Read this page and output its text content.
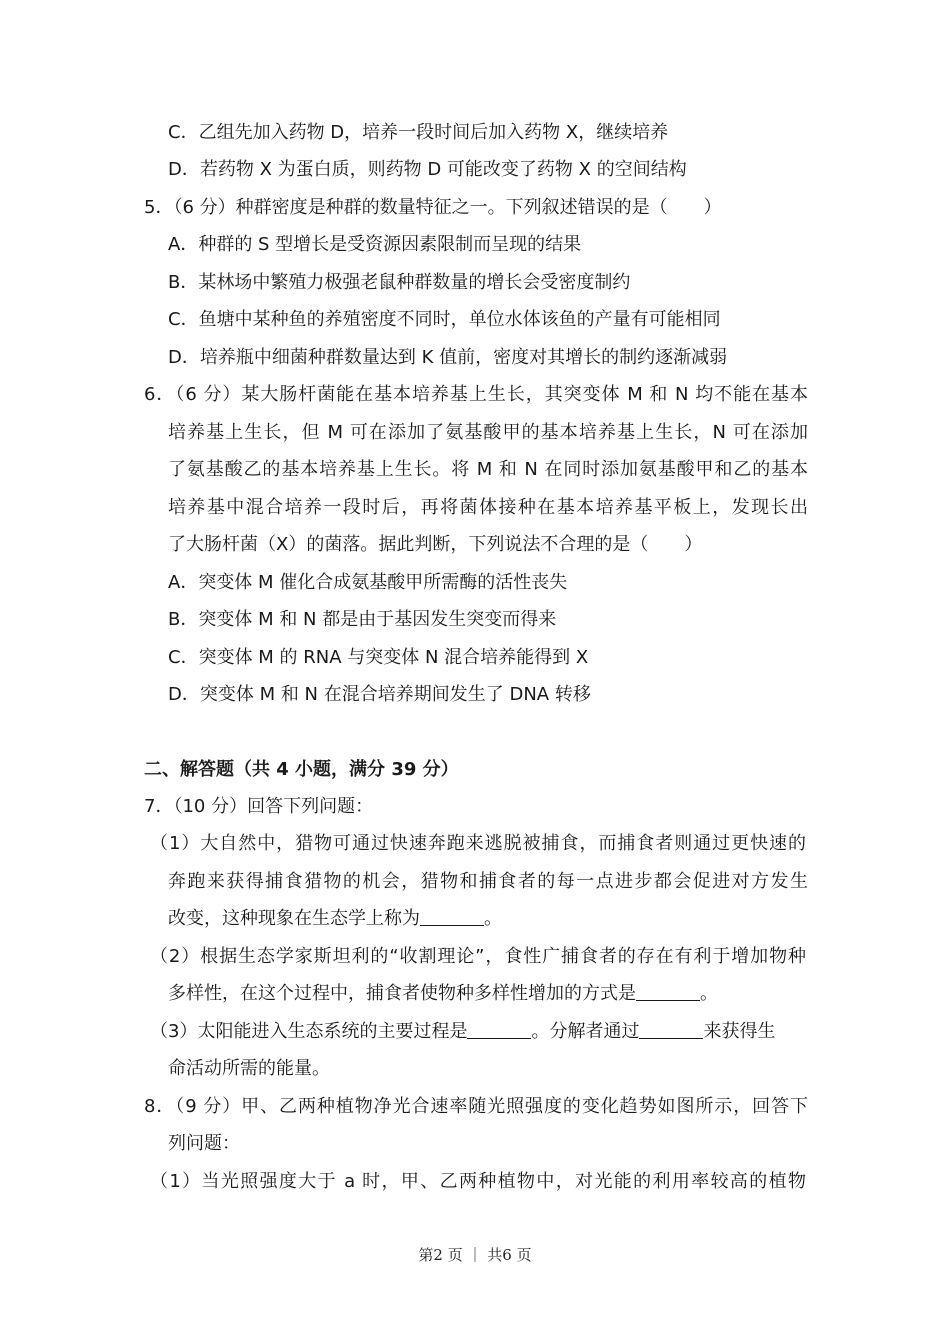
C．乙组先加入药物 D，培养一段时间后加入药物 X，继续培养
D．若药物 X 为蛋白质，则药物 D 可能改变了药物 X 的空间结构
5．（6 分）种群密度是种群的数量特征之一。下列叙述错误的是（　　）
A．种群的 S 型增长是受资源因素限制而呈现的结果
B．某林场中繁殖力极强老鼠种群数量的增长会受密度制约
C．鱼塘中某种鱼的养殖密度不同时，单位水体该鱼的产量有可能相同
D．培养瓶中细菌种群数量达到 K 值前，密度对其增长的制约逐渐减弱
6．（6 分）某大肠杆菌能在基本培养基上生长，其突变体 M 和 N 均不能在基本
培养基上生长，但 M 可在添加了氨基酸甲的基本培养基上生长，N 可在添加
了氨基酸乙的基本培养基上生长。将 M 和 N 在同时添加氨基酸甲和乙的基本
培养基中混合培养一段时后，再将菌体接种在基本培养基平板上，发现长出
了大肠杆菌（X）的菌落。据此判断，下列说法不合理的是（　　）
A．突变体 M 催化合成氨基酸甲所需酶的活性丧失
B．突变体 M 和 N 都是由于基因发生突变而得来
C．突变体 M 的 RNA 与突变体 N 混合培养能得到 X
D．突变体 M 和 N 在混合培养期间发生了 DNA 转移
二、解答题（共 4 小题，满分 39 分）
7．（10 分）回答下列问题：
（1）大自然中，猎物可通过快速奔跑来逃脱被捕食，而捕食者则通过更快速的
奔跑来获得捕食猎物的机会，猎物和捕食者的每一点进步都会促进对方发生
改变，这种现象在生态学上称为	。
（2）根据生态学家斯坦利的“收割理论”，食性广捕食者的存在有利于增加物种
多样性，在这个过程中，捕食者使物种多样性增加的方式是	。
（3）太阳能进入生态系统的主要过程是	。分解者通过	来获得生
命活动所需的能量。
8．（9 分）甲、乙两种植物净光合速率随光照强度的变化趋势如图所示，回答下
列问题：
（1）当光照强度大于 a 时，甲、乙两种植物中，对光能的利用率较高的植物
第2 页 ｜ 共6 页
